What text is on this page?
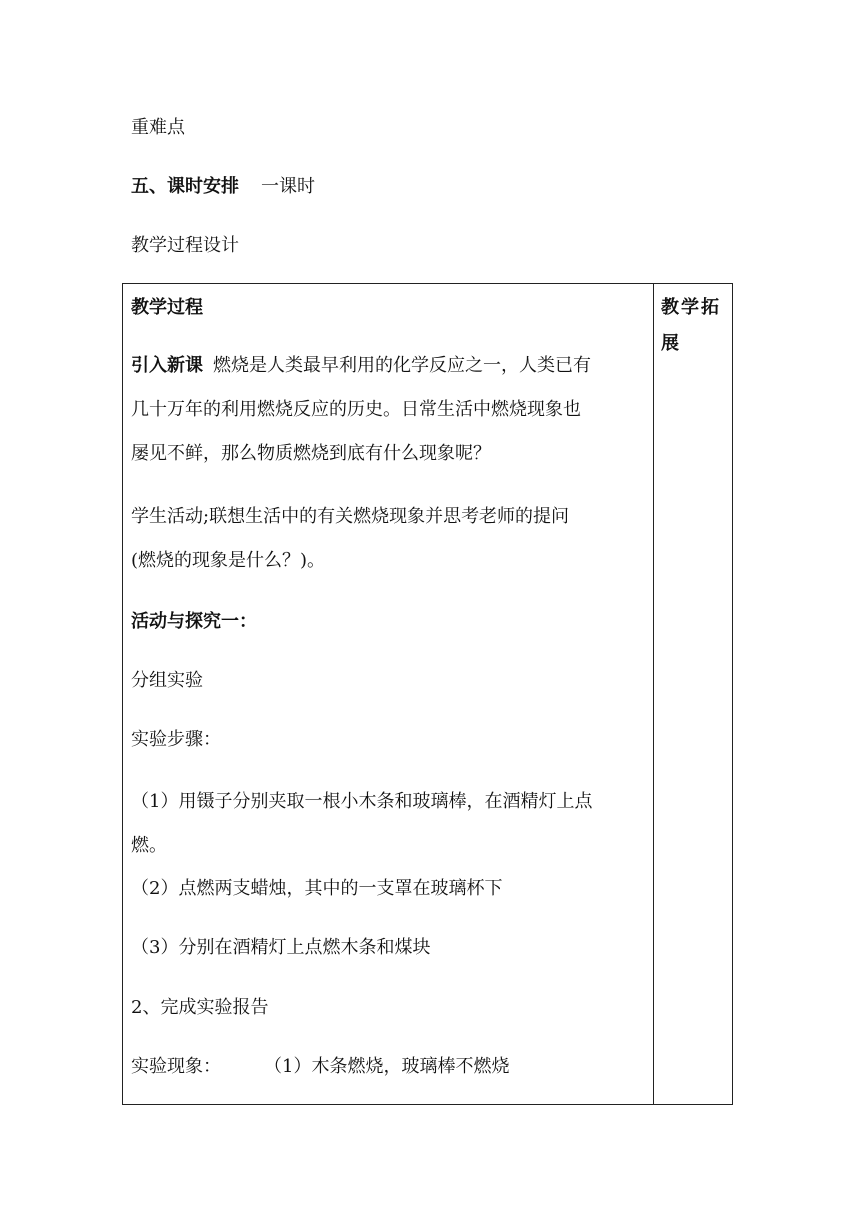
重难点
五、课时安排 一课时
教学过程设计
教学过程	教学拓展
引入新课 燃烧是人类最早利用的化学反应之一，人类已有
几十万年的利用燃烧反应的历史。日常生活中燃烧现象也
屡见不鲜，那么物质燃烧到底有什么现象呢？
学生活动;联想生活中的有关燃烧现象并思考老师的提问
(燃烧的现象是什么？)。
活动与探究一：
分组实验
实验步骤：
（1）用镊子分别夹取一根小木条和玻璃棒，在酒精灯上点
燃。
（2）点燃两支蜡烛，其中的一支罩在玻璃杯下
（3）分别在酒精灯上点燃木条和煤块
2、完成实验报告
实验现象：	（1）木条燃烧，玻璃棒不燃烧
